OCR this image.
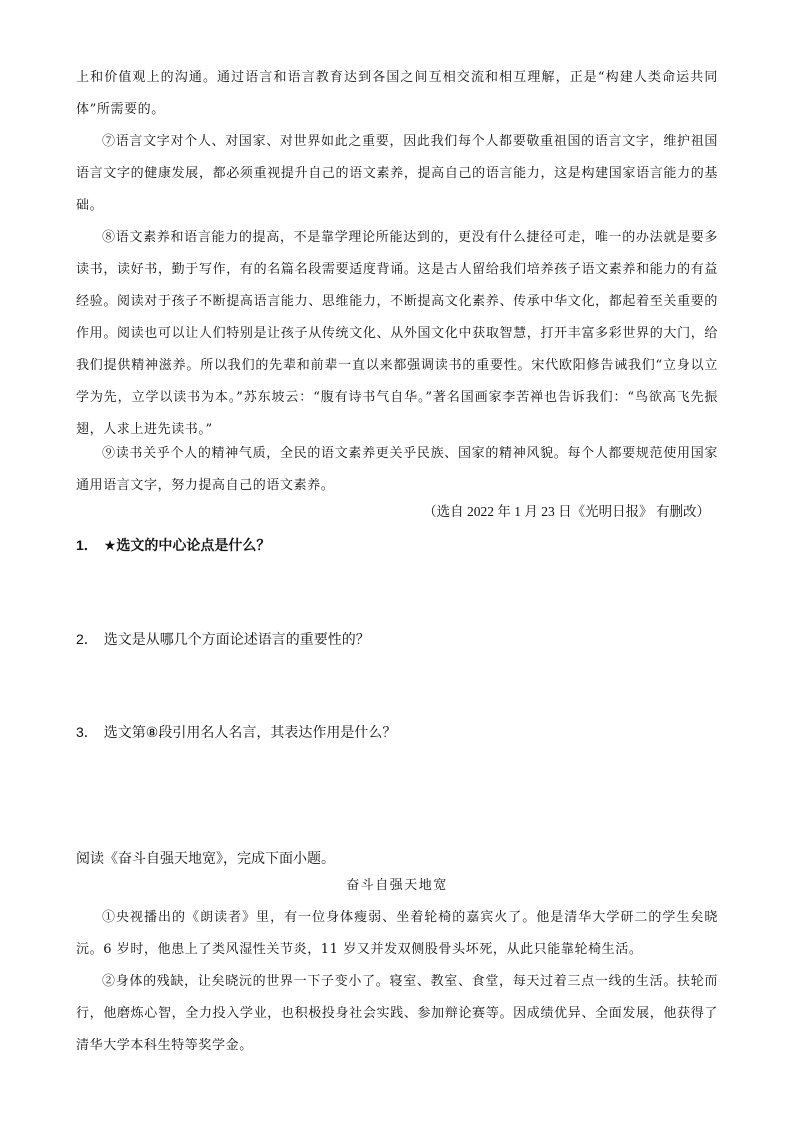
上和价值观上的沟通。通过语言和语言教育达到各国之间互相交流和相互理解，正是“构建人类命运共同体”所需要的。
⑦语言文字对个人、对国家、对世界如此之重要，因此我们每个人都要敬重祖国的语言文字，维护祖国语言文字的健康发展，都必须重视提升自己的语文素养，提高自己的语言能力，这是构建国家语言能力的基础。
⑧语文素养和语言能力的提高，不是靠学理论所能达到的，更没有什么捷径可走，唯一的办法就是要多读书，读好书，勤于写作，有的名篇名段需要适度背诵。这是古人留给我们培养孩子语文素养和能力的有益经验。阅读对于孩子不断提高语言能力、思维能力，不断提高文化素养、传承中华文化，都起着至关重要的作用。阅读也可以让人们特别是让孩子从传统文化、从外国文化中获取智慧，打开丰富多彩世界的大门，给我们提供精神滋养。所以我们的先辈和前辈一直以来都强调读书的重要性。宋代欧阳修告诫我们“立身以立学为先，立学以读书为本。”苏东坡云：“腹有诗书气自华。”著名国画家李苦禅也告诉我们：“鸟欲高飞先振翅，人求上进先读书。”
⑨读书关乎个人的精神气质，全民的语文素养更关乎民族、国家的精神风貌。每个人都要规范使用国家通用语言文字，努力提高自己的语文素养。
（选自 2022 年 1 月 23 日《光明日报》 有删改）
1． ★选文的中心论点是什么？
2． 选文是从哪几个方面论述语言的重要性的？
3． 选文第⑧段引用名人名言，其表达作用是什么？
阅读《奋斗自强天地宽》，完成下面小题。
奋斗自强天地宽
①央视播出的《朗读者》里，有一位身体瘦弱、坐着轮椅的嘉宾火了。他是清华大学研二的学生矣晓沅。6 岁时，他患上了类风湿性关节炎，11 岁又并发双侧股骨头坏死，从此只能靠轮椅生活。
②身体的残缺，让矣晓沅的世界一下子变小了。寝室、教室、食堂，每天过着三点一线的生活。扶轮而行，他磨炼心智，全力投入学业，也积极投身社会实践、参加辩论赛等。因成绩优异、全面发展，他获得了清华大学本科生特等奖学金。
